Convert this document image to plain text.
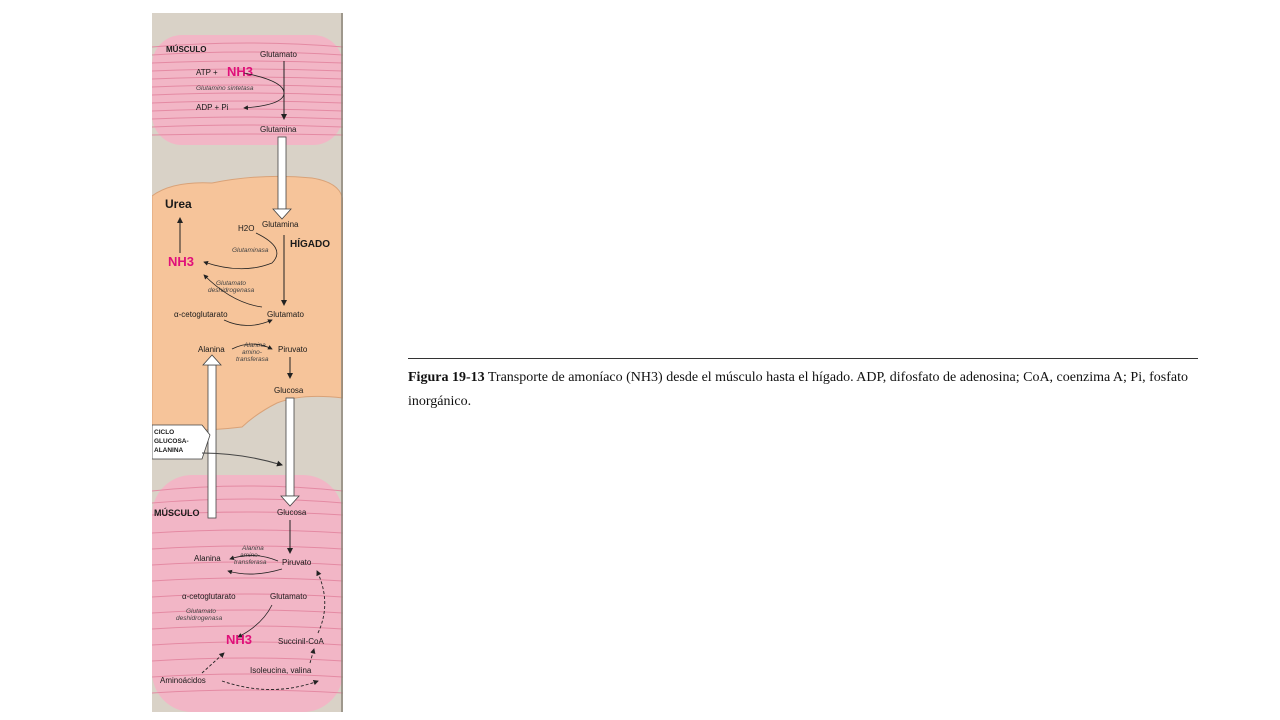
MÚSCULO
Glutamato
ATP + NH3
Glutamino sintetasa
ADP + Pi
Glutamina
Urea
HÍGADO
H2O Glutamina
Glutaminasa
NH3
Glutamato deshidrogenasa
α-cetoglutarato	Glutamato
Alanina	Alanina amino-transferasa
Piruvato
Glucosa
CICLO
GLUCOSA-
ALANINA
MÚSCULO	Glucosa
Alanina
Alanina amino-transferasa Piruvato
α-cetoglutarato	Glutamato
Glutamato deshidrogenasa
NH3	Succinil-CoA
Isoleucina, valina
Aminoácidos
Figura 19-13 Transporte de amoníaco (NH3) desde el músculo hasta el hígado. ADP, difosfato de adenosina; CoA, coenzima A; Pi, fosfato inorgánico.
